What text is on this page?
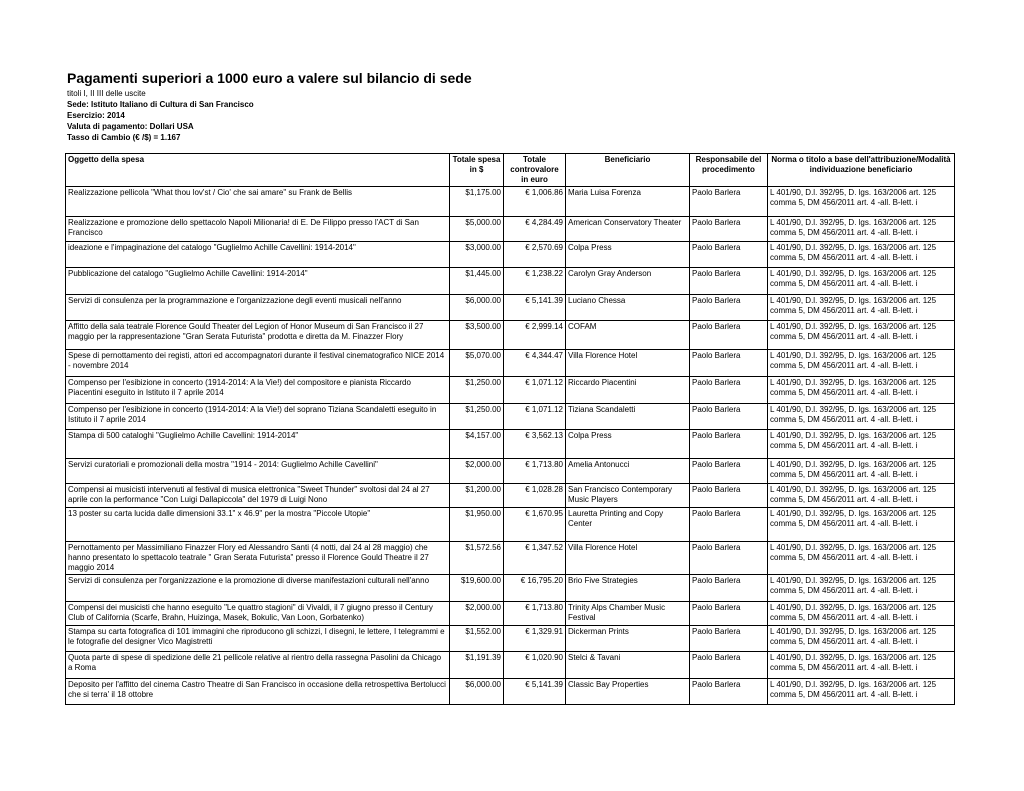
Pagamenti superiori a 1000 euro a valere sul bilancio di sede
titoli I, II III delle uscite
Sede: Istituto Italiano di Cultura di San Francisco
Esercizio: 2014
Valuta di pagamento: Dollari USA
Tasso di Cambio (€ /$) = 1.167
Oggetto della spesa	Totale spesa in $	Totale controvalore in euro	Beneficiario	Responsabile del procedimento	Norma o titolo a base dell'attribuzione/Modalità individuazione beneficiario
Realizzazione pellicola "What thou lov'st / Cio' che sai amare" su Frank de Bellis	$1,175.00	€ 1,006.86	Maria Luisa Forenza	Paolo Barlera	L 401/90, D.l. 392/95, D. lgs. 163/2006 art. 125 comma 5, DM 456/2011 art. 4 -all. B-lett. i
Realizzazione e promozione dello spettacolo Napoli Milionaria! di E. De Filippo presso l'ACT di San Francisco	$5,000.00	€ 4,284.49	American Conservatory Theater	Paolo Barlera	L 401/90, D.l. 392/95, D. lgs. 163/2006 art. 125 comma 5, DM 456/2011 art. 4 -all. B-lett. i
ideazione e l'impaginazione del catalogo "Guglielmo Achille Cavellini: 1914-2014"	$3,000.00	€ 2,570.69	Colpa Press	Paolo Barlera	L 401/90, D.l. 392/95, D. lgs. 163/2006 art. 125 comma 5, DM 456/2011 art. 4 -all. B-lett. i
Pubblicazione del catalogo "Guglielmo Achille Cavellini: 1914-2014"	$1,445.00	€ 1,238.22	Carolyn Gray Anderson	Paolo Barlera	L 401/90, D.l. 392/95, D. lgs. 163/2006 art. 125 comma 5, DM 456/2011 art. 4 -all. B-lett. i
Servizi di consulenza per la programmazione e l'organizzazione degli eventi musicali nell'anno	$6,000.00	€ 5,141.39	Luciano Chessa	Paolo Barlera	L 401/90, D.l. 392/95, D. lgs. 163/2006 art. 125 comma 5, DM 456/2011 art. 4 -all. B-lett. i
Affitto della sala teatrale Florence Gould Theater del Legion of Honor Museum di San Francisco il 27 maggio per la rappresentazione "Gran Serata Futurista" prodotta e diretta da M. Finazzer Flory	$3,500.00	€ 2,999.14	COFAM	Paolo Barlera	L 401/90, D.l. 392/95, D. lgs. 163/2006 art. 125 comma 5, DM 456/2011 art. 4 -all. B-lett. i
Spese di pernottamento dei registi, attori ed accompagnatori durante il festival cinematografico NICE 2014 - novembre 2014	$5,070.00	€ 4,344.47	Villa Florence Hotel	Paolo Barlera	L 401/90, D.l. 392/95, D. lgs. 163/2006 art. 125 comma 5, DM 456/2011 art. 4 -all. B-lett. i
Compenso per l'esibizione in concerto (1914-2014: A la Vie!) del compositore e pianista Riccardo Piacentini eseguito in Istituto il 7 aprile 2014	$1,250.00	€ 1,071.12	Riccardo Piacentini	Paolo Barlera	L 401/90, D.l. 392/95, D. lgs. 163/2006 art. 125 comma 5, DM 456/2011 art. 4 -all. B-lett. i
Compenso per l'esibizione in concerto (1914-2014: A la Vie!) del soprano Tiziana Scandaletti eseguito in Istituto il 7 aprile 2014	$1,250.00	€ 1,071.12	Tiziana Scandaletti	Paolo Barlera	L 401/90, D.l. 392/95, D. lgs. 163/2006 art. 125 comma 5, DM 456/2011 art. 4 -all. B-lett. i
Stampa di 500 cataloghi "Guglielmo Achille Cavellini: 1914-2014"	$4,157.00	€ 3,562.13	Colpa Press	Paolo Barlera	L 401/90, D.l. 392/95, D. lgs. 163/2006 art. 125 comma 5, DM 456/2011 art. 4 -all. B-lett. i
Servizi curatoriali e promozionali della mostra "1914 - 2014: Guglielmo Achille Cavellini"	$2,000.00	€ 1,713.80	Amelia Antonucci	Paolo Barlera	L 401/90, D.l. 392/95, D. lgs. 163/2006 art. 125 comma 5, DM 456/2011 art. 4 -all. B-lett. i
Compensi ai musicisti intervenuti al festival di musica elettronica "Sweet Thunder" svoltosi dal 24 al 27 aprile con la performance "Con Luigi Dallapiccola" del 1979 di Luigi Nono	$1,200.00	€ 1,028.28	San Francisco Contemporary Music Players	Paolo Barlera	L 401/90, D.l. 392/95, D. lgs. 163/2006 art. 125 comma 5, DM 456/2011 art. 4 -all. B-lett. i
13 poster su carta lucida dalle dimensioni 33.1" x 46.9" per la mostra "Piccole Utopie"	$1,950.00	€ 1,670.95	Lauretta Printing and Copy Center	Paolo Barlera	L 401/90, D.l. 392/95, D. lgs. 163/2006 art. 125 comma 5, DM 456/2011 art. 4 -all. B-lett. i
Pernottamento per Massimiliano Finazzer Flory ed Alessandro Santi (4 notti, dal 24 al 28 maggio) che hanno presentato lo spettacolo teatrale " Gran Serata Futurista" presso il Florence Gould Theatre il 27 maggio 2014	$1,572.56	€ 1,347.52	Villa Florence Hotel	Paolo Barlera	L 401/90, D.l. 392/95, D. lgs. 163/2006 art. 125 comma 5, DM 456/2011 art. 4 -all. B-lett. i
Servizi di consulenza per l'organizzazione e la promozione di diverse manifestazioni culturali nell'anno	$19,600.00	€ 16,795.20	Brio Five Strategies	Paolo Barlera	L 401/90, D.l. 392/95, D. lgs. 163/2006 art. 125 comma 5, DM 456/2011 art. 4 -all. B-lett. i
Compensi dei musicisti che hanno eseguito "Le quattro stagioni" di Vivaldi, il 7 giugno presso il Century Club of California (Scarfe, Brahn, Huizinga, Masek, Bokulic, Van Loon, Gorbatenko)	$2,000.00	€ 1,713.80	Trinity Alps Chamber Music Festival	Paolo Barlera	L 401/90, D.l. 392/95, D. lgs. 163/2006 art. 125 comma 5, DM 456/2011 art. 4 -all. B-lett. i
Stampa su carta fotografica di 101 immagini che riproducono gli schizzi, I disegni, le lettere, I telegrammi e le fotografie del designer Vico Magistretti	$1,552.00	€ 1,329.91	Dickerman Prints	Paolo Barlera	L 401/90, D.l. 392/95, D. lgs. 163/2006 art. 125 comma 5, DM 456/2011 art. 4 -all. B-lett. i
Quota parte di spese di spedizione delle 21 pellicole relative al rientro della rassegna Pasolini da Chicago a Roma	$1,191.39	€ 1,020.90	Stelci & Tavani	Paolo Barlera	L 401/90, D.l. 392/95, D. lgs. 163/2006 art. 125 comma 5, DM 456/2011 art. 4 -all. B-lett. i
Deposito per l'affitto del cinema Castro Theatre di San Francisco in occasione della retrospettiva Bertolucci che si terra' il 18 ottobre	$6,000.00	€ 5,141.39	Classic Bay Properties	Paolo Barlera	L 401/90, D.l. 392/95, D. lgs. 163/2006 art. 125 comma 5, DM 456/2011 art. 4 -all. B-lett. i
